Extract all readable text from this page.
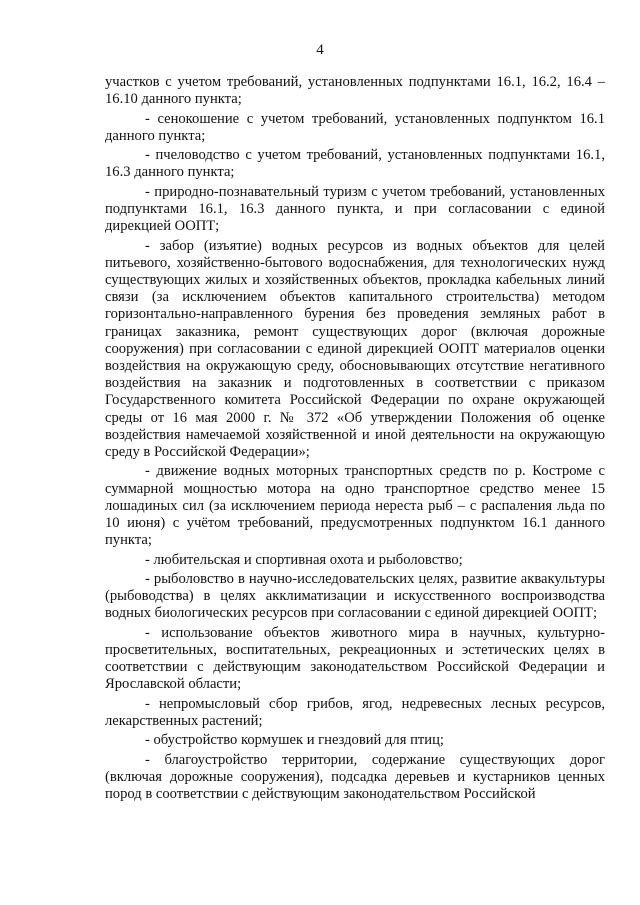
4

участков с учетом требований, установленных подпунктами 16.1, 16.2, 16.4 – 16.10 данного пункта;

- сенокошение с учетом требований, установленных подпунктом 16.1 данного пункта;

- пчеловодство с учетом требований, установленных подпунктами 16.1, 16.3 данного пункта;

- природно-познавательный туризм с учетом требований, установленных подпунктами 16.1, 16.3 данного пункта, и при согласовании с единой дирекцией ООПТ;

- забор (изъятие) водных ресурсов из водных объектов для целей питьевого, хозяйственно-бытового водоснабжения, для технологических нужд существующих жилых и хозяйственных объектов, прокладка кабельных линий связи (за исключением объектов капитального строительства) методом горизонтально-направленного бурения без проведения земляных работ в границах заказника, ремонт существующих дорог (включая дорожные сооружения) при согласовании с единой дирекцией ООПТ материалов оценки воздействия на окружающую среду, обосновывающих отсутствие негативного воздействия на заказник и подготовленных в соответствии с приказом Государственного комитета Российской Федерации по охране окружающей среды от 16 мая 2000 г. № 372 «Об утверждении Положения об оценке воздействия намечаемой хозяйственной и иной деятельности на окружающую среду в Российской Федерации»;

- движение водных моторных транспортных средств по р. Костроме с суммарной мощностью мотора на одно транспортное средство менее 15 лошадиных сил (за исключением периода нереста рыб – с распаления льда по 10 июня) с учётом требований, предусмотренных подпунктом 16.1 данного пункта;

- любительская и спортивная охота и рыболовство;

- рыболовство в научно-исследовательских целях, развитие аквакультуры (рыбоводства) в целях акклиматизации и искусственного воспроизводства водных биологических ресурсов при согласовании с единой дирекцией ООПТ;

- использование объектов животного мира в научных, культурно-просветительных, воспитательных, рекреационных и эстетических целях в соответствии с действующим законодательством Российской Федерации и Ярославской области;

- непромысловый сбор грибов, ягод, недревесных лесных ресурсов, лекарственных растений;

- обустройство кормушек и гнездовий для птиц;

- благоустройство территории, содержание существующих дорог (включая дорожные сооружения), подсадка деревьев и кустарников ценных пород в соответствии с действующим законодательством Российской
